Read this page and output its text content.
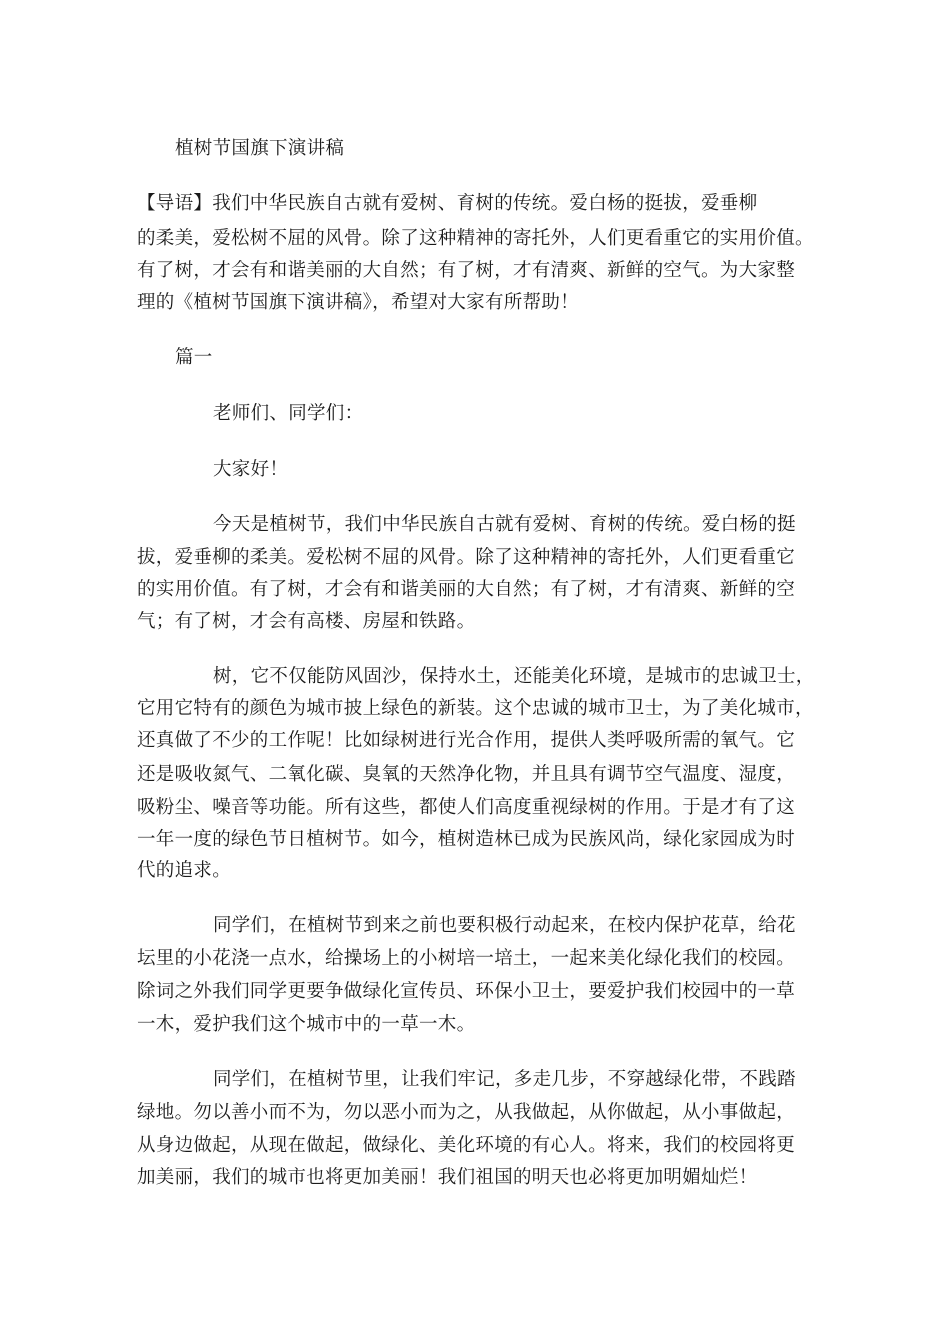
植树节国旗下演讲稿
【导语】我们中华民族自古就有爱树、育树的传统。爱白杨的挺拔，爱垂柳
的柔美，爱松树不屈的风骨。除了这种精神的寄托外，人们更看重它的实用价值。
有了树，才会有和谐美丽的大自然；有了树，才有清爽、新鲜的空气。为大家整
理的《植树节国旗下演讲稿》，希望对大家有所帮助！
篇一
老师们、同学们：
大家好！
今天是植树节，我们中华民族自古就有爱树、育树的传统。爱白杨的挺
拔，爱垂柳的柔美。爱松树不屈的风骨。除了这种精神的寄托外，人们更看重它
的实用价值。有了树，才会有和谐美丽的大自然；有了树，才有清爽、新鲜的空
气；有了树，才会有高楼、房屋和铁路。
树，它不仅能防风固沙，保持水土，还能美化环境，是城市的忠诚卫士，
它用它特有的颜色为城市披上绿色的新装。这个忠诚的城市卫士，为了美化城市，
还真做了不少的工作呢！比如绿树进行光合作用，提供人类呼吸所需的氧气。它
还是吸收氮气、二氧化碳、臭氧的天然净化物，并且具有调节空气温度、湿度，
吸粉尘、噪音等功能。所有这些，都使人们高度重视绿树的作用。于是才有了这
一年一度的绿色节日植树节。如今，植树造林已成为民族风尚，绿化家园成为时
代的追求。
同学们，在植树节到来之前也要积极行动起来，在校内保护花草，给花
坛里的小花浇一点水，给操场上的小树培一培土，一起来美化绿化我们的校园。
除词之外我们同学更要争做绿化宣传员、环保小卫士，要爱护我们校园中的一草
一木，爱护我们这个城市中的一草一木。
同学们，在植树节里，让我们牢记，多走几步，不穿越绿化带，不践踏
绿地。勿以善小而不为，勿以恶小而为之，从我做起，从你做起，从小事做起，
从身边做起，从现在做起，做绿化、美化环境的有心人。将来，我们的校园将更
加美丽，我们的城市也将更加美丽！我们祖国的明天也必将更加明媚灿烂！
